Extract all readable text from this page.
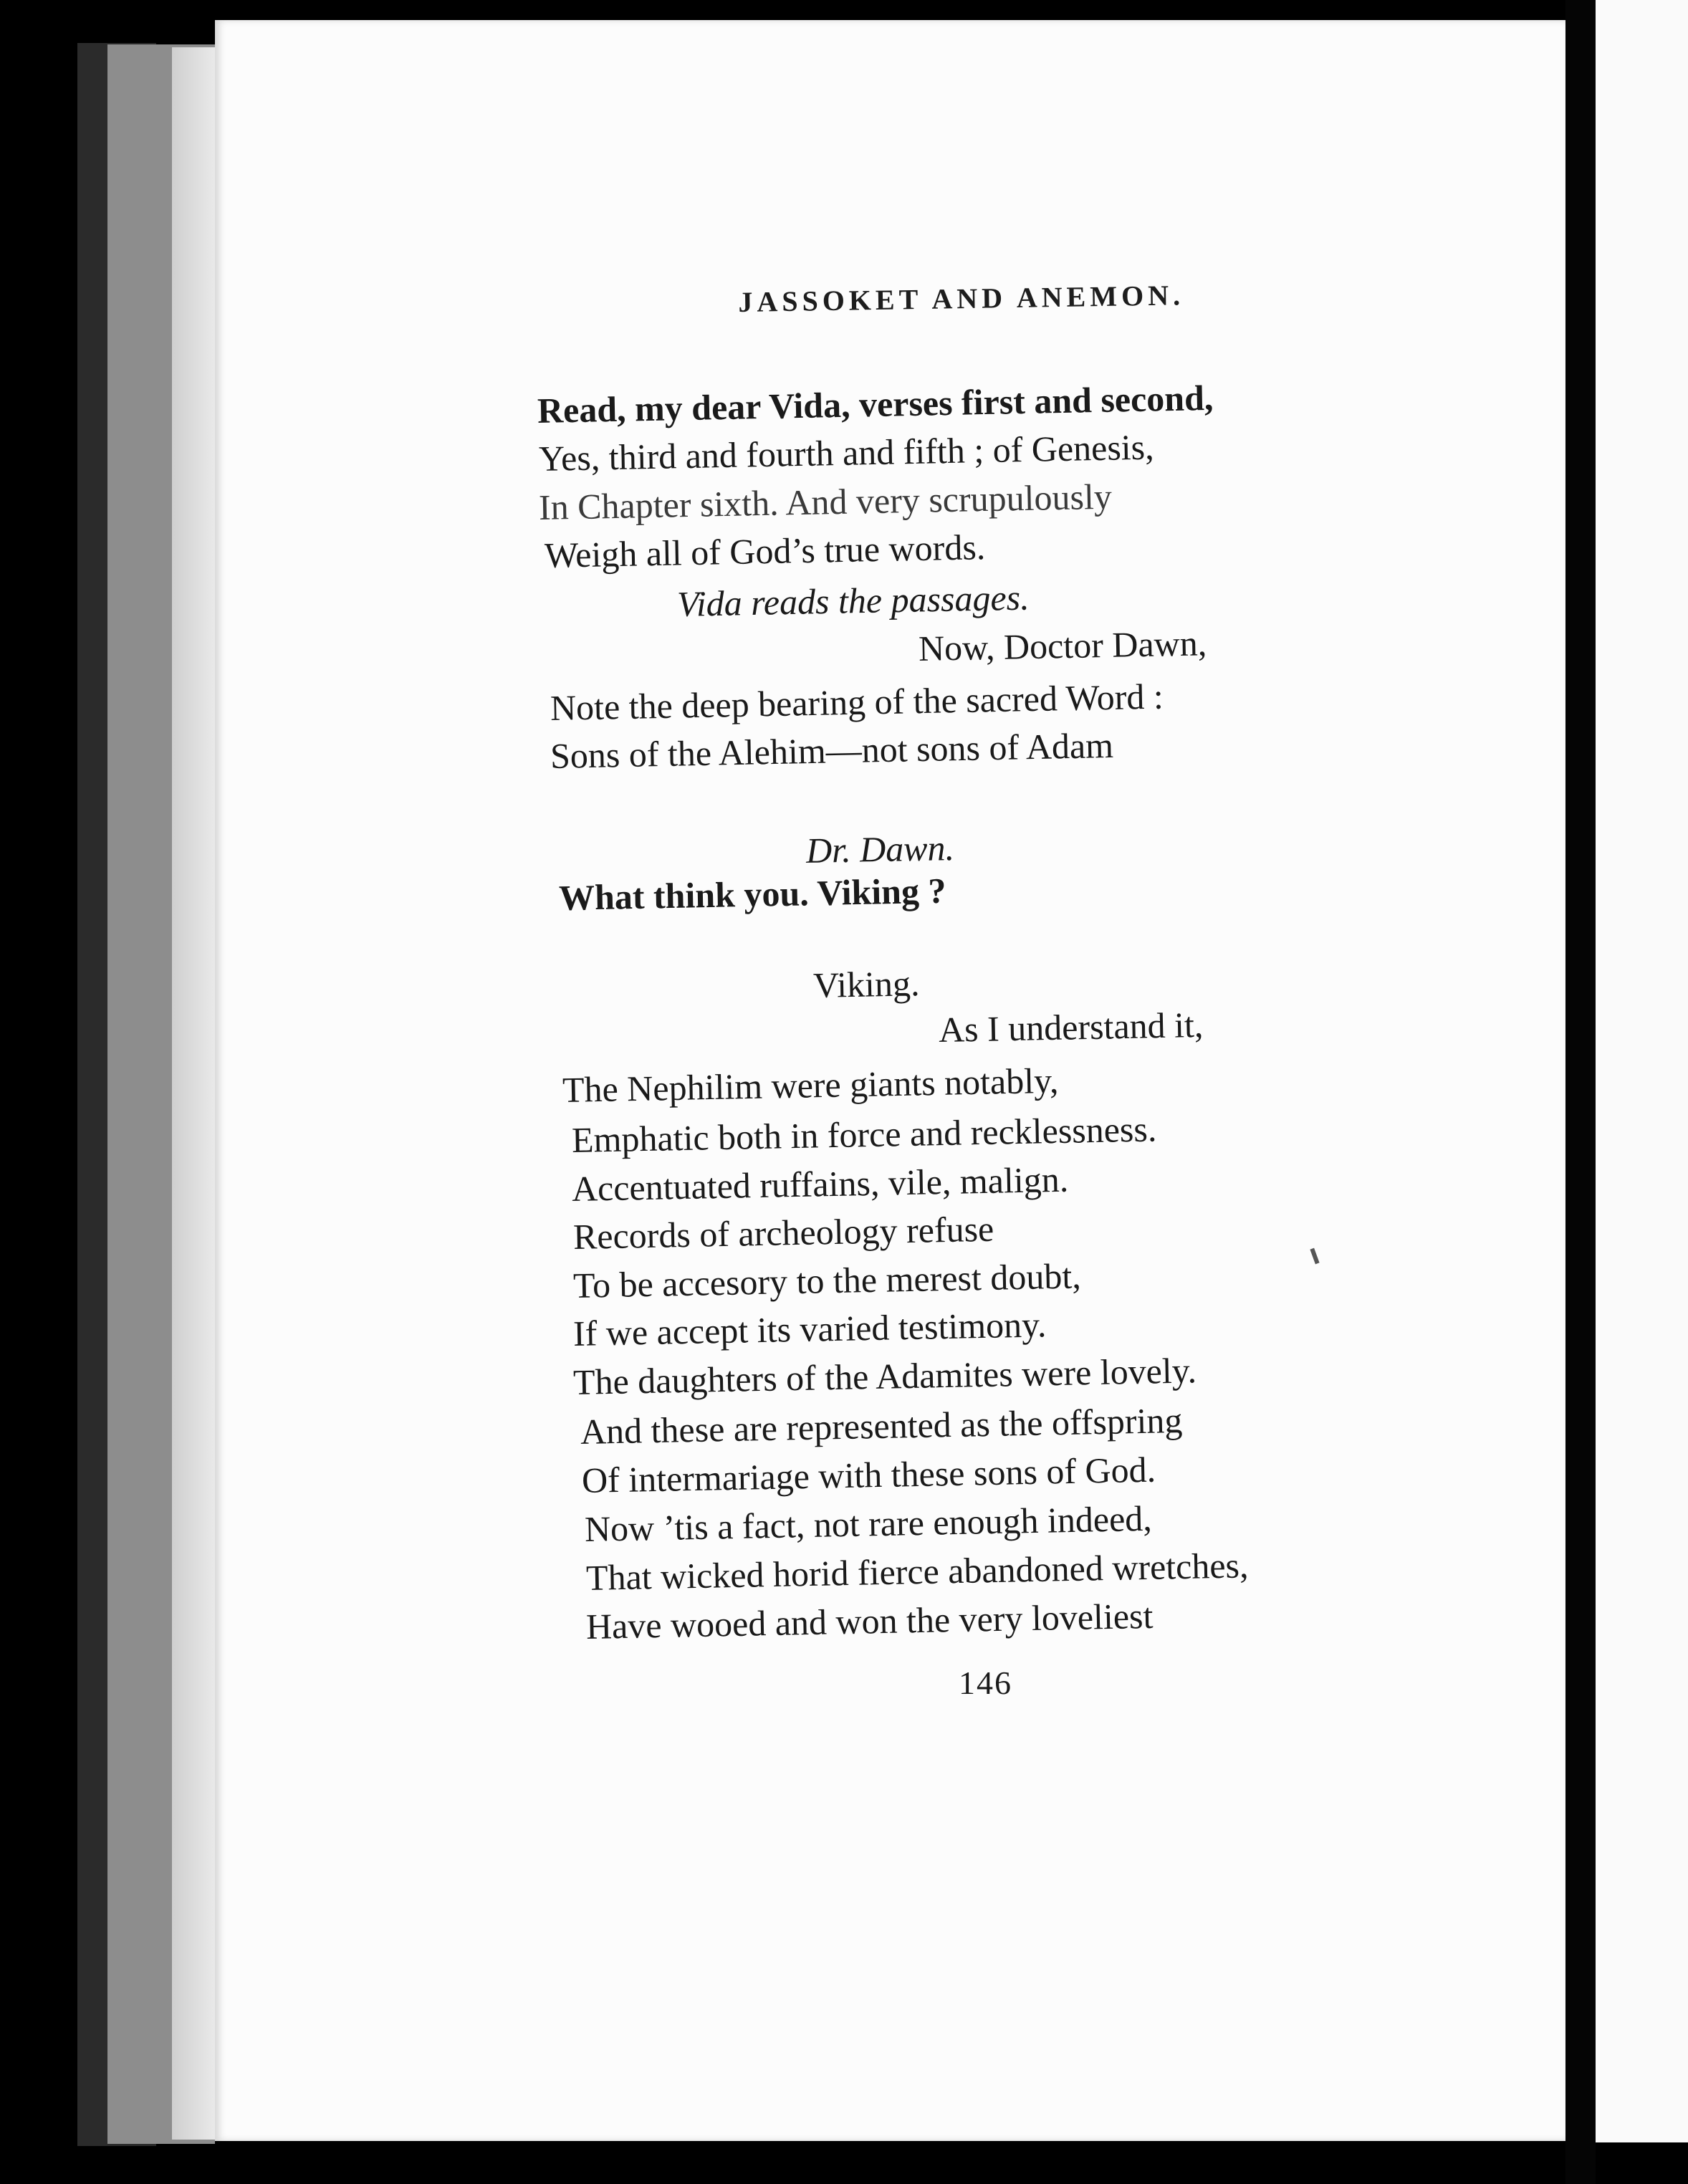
JASSOKET AND ANEMON.
Read, my dear Vida, verses first and second,
Yes, third and fourth and fifth ; of Genesis,
In Chapter sixth. And very scrupulously
Weigh all of God’s true words.
Vida reads the passages.
Now, Doctor Dawn,
Note the deep bearing of the sacred Word :
Sons of the Alehim—not sons of Adam
Dr. Dawn.
What think you. Viking ?
Viking.
As I understand it,
The Nephilim were giants notably,
Emphatic both in force and recklessness.
Accentuated ruffains, vile, malign.
Records of archeology refuse
To be accesory to the merest doubt,
If we accept its varied testimony.
The daughters of the Adamites were lovely.
And these are represented as the offspring
Of intermariage with these sons of God.
Now ’tis a fact, not rare enough indeed,
That wicked horid fierce abandoned wretches,
Have wooed and won the very loveliest
146
